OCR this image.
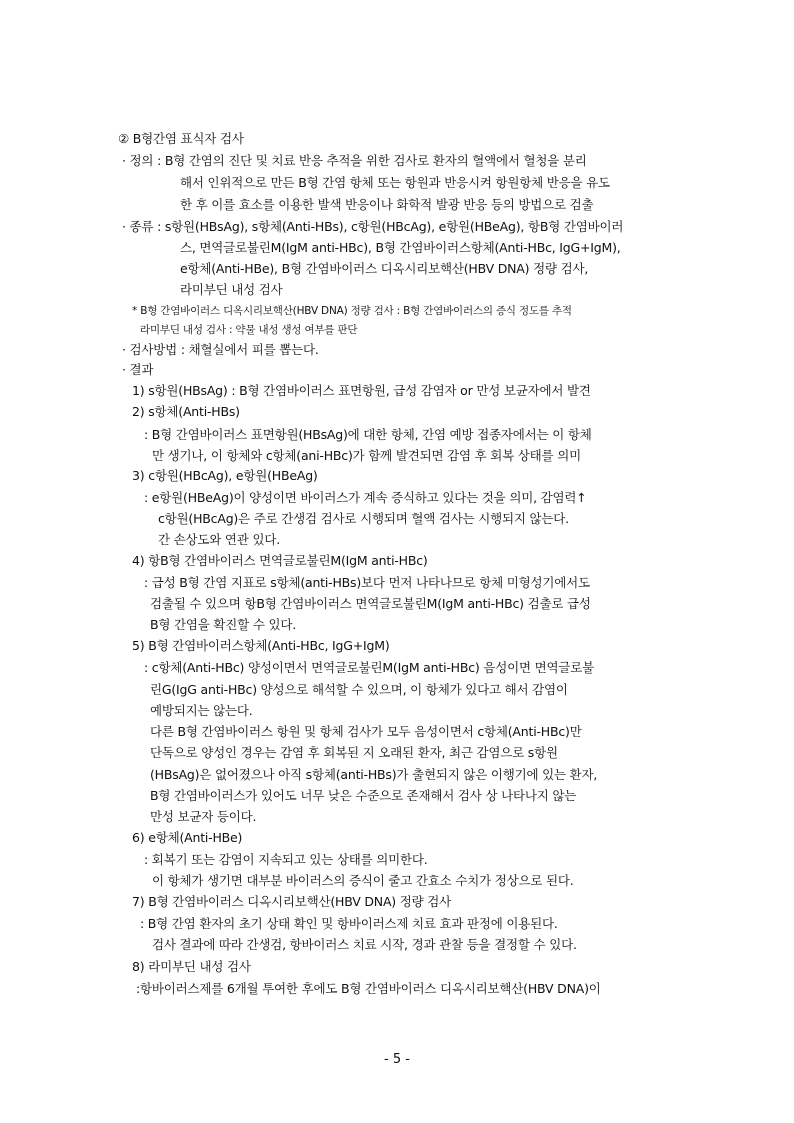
② B형간염 표식자 검사
· 정의 : B형 간염의 진단 및 치료 반응 추적을 위한 검사로 환자의 혈액에서 혈청을 분리
해서 인위적으로 만든 B형 간염 항체 또는 항원과 반응시켜 항원항체 반응을 유도
한 후 이를 효소를 이용한 발색 반응이나 화학적 발광 반응 등의 방법으로 검출
· 종류 : s항원(HBsAg), s항체(Anti-HBs), c항원(HBcAg), e항원(HBeAg), 항B형 간염바이러
스, 면역글로불린M(IgM anti-HBc), B형 간염바이러스항체(Anti-HBc, IgG+IgM),
e항체(Anti-HBe), B형 간염바이러스 디옥시리보핵산(HBV DNA) 정량 검사,
라미부딘 내성 검사
* B형 간염바이러스 디옥시리보핵산(HBV DNA) 정량 검사 : B형 간염바이러스의 증식 정도를 추적
라미부딘 내성 검사 : 약물 내성 생성 여부를 판단
· 검사방법 : 채혈실에서 피를 뽑는다.
· 결과
1) s항원(HBsAg) : B형 간염바이러스 표면항원, 급성 감염자 or 만성 보균자에서 발견
2) s항체(Anti-HBs)
: B형 간염바이러스 표면항원(HBsAg)에 대한 항체, 간염 예방 접종자에서는 이 항체
만 생기나, 이 항체와 c항체(ani-HBc)가 함께 발견되면 감염 후 회복 상태를 의미
3) c항원(HBcAg), e항원(HBeAg)
: e항원(HBeAg)이 양성이면 바이러스가 계속 증식하고 있다는 것을 의미, 감염력↑
c항원(HBcAg)은 주로 간생검 검사로 시행되며 혈액 검사는 시행되지 않는다.
간 손상도와 연관 있다.
4) 항B형 간염바이러스 면역글로불린M(IgM anti-HBc)
: 급성 B형 간염 지표로 s항체(anti-HBs)보다 먼저 나타나므로 항체 미형성기에서도
검출될 수 있으며 항B형 간염바이러스 면역글로불린M(IgM anti-HBc) 검출로 급성
B형 간염을 확진할 수 있다.
5) B형 간염바이러스항체(Anti-HBc, IgG+IgM)
: c항체(Anti-HBc) 양성이면서 면역글로불린M(IgM anti-HBc) 음성이면 면역글로불
린G(IgG anti-HBc) 양성으로 해석할 수 있으며, 이 항체가 있다고 해서 감염이
예방되지는 않는다.
다른 B형 간염바이러스 항원 및 항체 검사가 모두 음성이면서 c항체(Anti-HBc)만
단독으로 양성인 경우는 감염 후 회복된 지 오래된 환자, 최근 감염으로 s항원
(HBsAg)은 없어졌으나 아직 s항체(anti-HBs)가 출현되지 않은 이행기에 있는 환자,
B형 간염바이러스가 있어도 너무 낮은 수준으로 존재해서 검사 상 나타나지 않는
만성 보균자 등이다.
6) e항체(Anti-HBe)
: 회복기 또는 감염이 지속되고 있는 상태를 의미한다.
이 항체가 생기면 대부분 바이러스의 증식이 줄고 간효소 수치가 정상으로 된다.
7) B형 간염바이러스 디옥시리보핵산(HBV DNA) 정량 검사
: B형 간염 환자의 초기 상태 확인 및 항바이러스제 치료 효과 판정에 이용된다.
검사 결과에 따라 간생검, 항바이러스 치료 시작, 경과 관찰 등을 결정할 수 있다.
8) 라미부딘 내성 검사
:항바이러스제를 6개월 투여한 후에도 B형 간염바이러스 디옥시리보핵산(HBV DNA)이
- 5 -
